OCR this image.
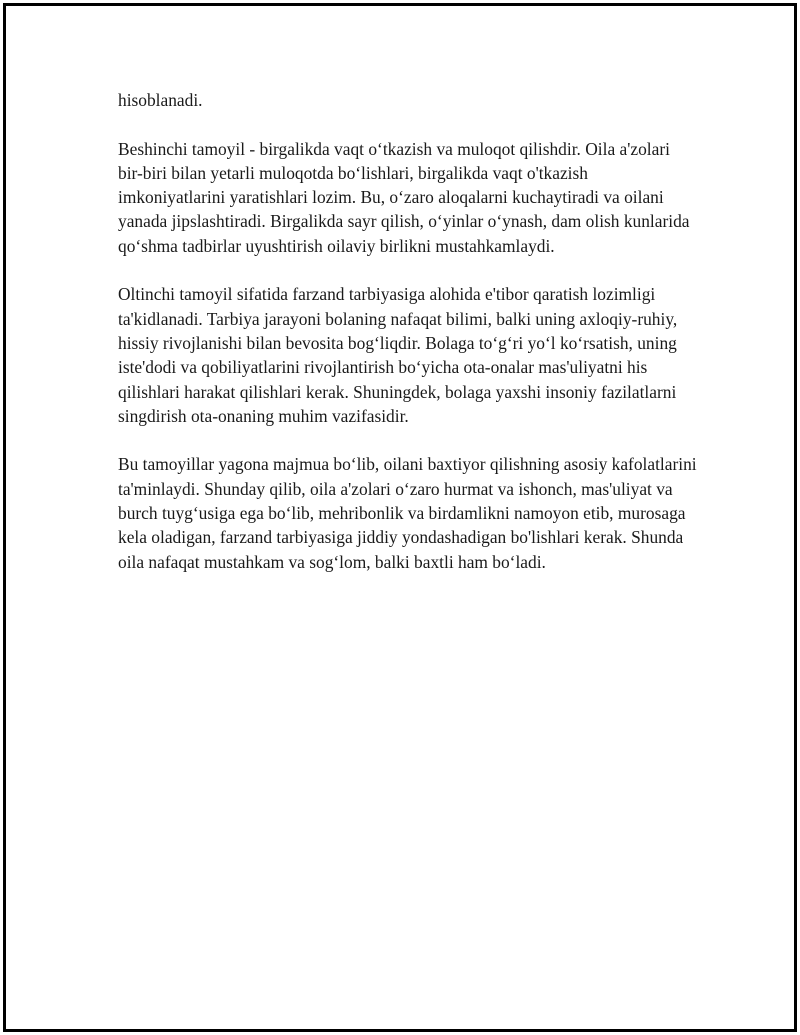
hisoblanadi.

Beshinchi tamoyil - birgalikda vaqt o‘tkazish va muloqot qilishdir. Oila a'zolari bir-biri bilan yetarli muloqotda bo‘lishlari, birgalikda vaqt o'tkazish imkoniyatlarini yaratishlari lozim. Bu, o‘zaro aloqalarni kuchaytiradi va oilani yanada jipslashtiradi. Birgalikda sayr qilish, o‘yinlar o‘ynash, dam olish kunlarida qo‘shma tadbirlar uyushtirish oilaviy birlikni mustahkamlaydi.

Oltinchi tamoyil sifatida farzand tarbiyasiga alohida e'tibor qaratish lozimligi ta'kidlanadi. Tarbiya jarayoni bolaning nafaqat bilimi, balki uning axloqiy-ruhiy, hissiy rivojlanishi bilan bevosita bog‘liqdir. Bolaga to‘g‘ri yo‘l ko‘rsatish, uning iste'dodi va qobiliyatlarini rivojlantirish bo‘yicha ota-onalar mas'uliyatni his qilishlari harakat qilishlari kerak. Shuningdek, bolaga yaxshi insoniy fazilatlarni singdirish ota-onaning muhim vazifasidir.

Bu tamoyillar yagona majmua bo‘lib, oilani baxtiyor qilishning asosiy kafolatlarini ta'minlaydi. Shunday qilib, oila a'zolari o‘zaro hurmat va ishonch, mas'uliyat va burch tuyg‘usiga ega bo‘lib, mehribonlik va birdamlikni namoyon etib, murosaga kela oladigan, farzand tarbiyasiga jiddiy yondashadigan bo'lishlari kerak. Shunda oila nafaqat mustahkam va sog‘lom, balki baxtli ham bo‘ladi.
